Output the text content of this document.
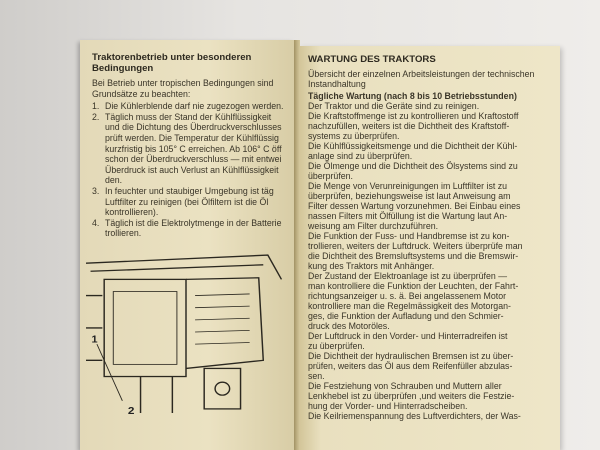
WARTUNG DES TRAKTORS
Übersicht der einzelnen Arbeitsleistungen der technischen
Instandhaltung
Tägliche Wartung (nach 8 bis 10 Betriebsstunden)
Der Traktor und die Geräte sind zu reinigen.
Die Kraftstoffmenge ist zu kontrollieren und Kraftostoff
nachzufüllen, weiters ist die Dichtheit des Kraftstoff-
systems zu überprüfen.
Die Kühlflüssigkeitsmenge und die Dichtheit der Kühl-
anlage sind zu überprüfen.
Die Ölmenge und die Dichtheit des Ölsystems sind zu
überprüfen.
Die Menge von Verunreinigungen im Luftfilter ist zu
überprüfen, beziehungsweise ist laut Anweisung am
Filter dessen Wartung vorzunehmen. Bei Einbau eines
nassen Filters mit Ölfüllung ist die Wartung laut An-
weisung am Filter durchzuführen.
Die Funktion der Fuss- und Handbremse ist zu kon-
trollieren, weiters der Luftdruck. Weiters überprüfe man
die Dichtheit des Bremsluftsystems und die Bremswir-
kung des Traktors mit Anhänger.
Der Zustand der Elektroanlage ist zu überprüfen —
man kontrolliere die Funktion der Leuchten, der Fahrt-
richtungsanzeiger u. s. ä. Bei angelassenem Motor
kontrolliere man die Regelmässigkeit des Motorgan-
ges, die Funktion der Aufladung und den Schmier-
druck des Motoröles.
Der Luftdruck in den Vorder- und Hinterradreifen ist
zu überprüfen.
Die Dichtheit der hydraulischen Bremsen ist zu über-
prüfen, weiters das Öl aus dem Reifenfüller abzulas-
sen.
Die Festziehung von Schrauben und Muttern aller
Lenkhebel ist zu überprüfen ,und weiters die Festzie-
hung der Vorder- und Hinterradscheiben.
Die Keilriemenspannung des Luftverdichters, der Was-
Traktorenbetrieb unter besonderen Bedingungen
Bei Betrieb unter tropischen Bedingungen sind
Grundsätze zu beachten:
1. Die Kühlerblende darf nie zugezogen werden.
2. Täglich muss der Stand der Kühlflüssigkeit
und die Dichtung des Überdruckverschlusses
prüft werden. Die Temperatur der Kühlflüssig
kurzfristig bis 105° C erreichen. Ab 106° C öff
schon der Überdruckverschluss — mit entwei
Überdruck ist auch Verlust an Kühlflüssigkeit
den.
3. In feuchter und staubiger Umgebung ist täg
Luftfilter zu reinigen (bei Ölfiltern ist die Öl
kontrollieren).
4. Täglich ist die Elektrolytmenge in der Batterie
trollieren.
1
2
